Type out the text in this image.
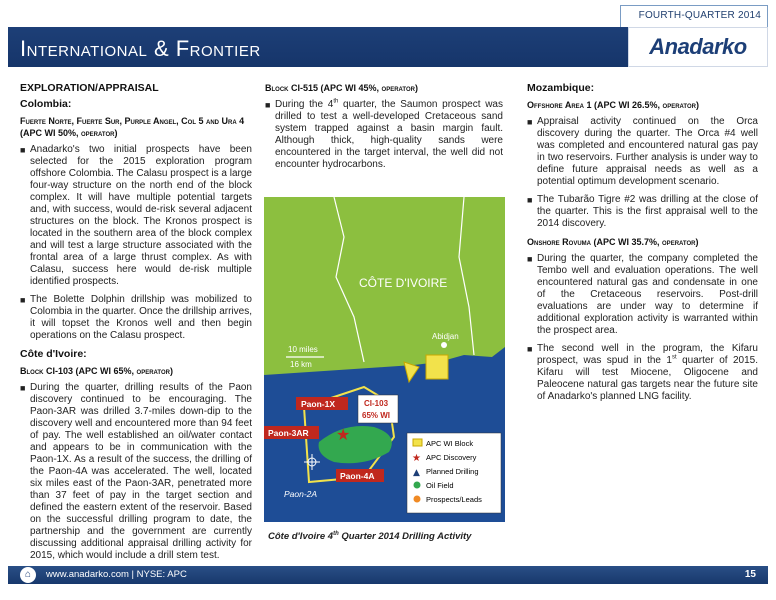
FOURTH-QUARTER 2014
International & Frontier	Anadarko
EXPLORATION/APPRAISAL
Colombia:
Fuerte Norte, Fuerte Sur, Purple Angel, Col 5 and Ura 4 (APC WI 50%, operator)
■ Anadarko's two initial prospects have been selected for the 2015 exploration program offshore Colombia. The Calasu prospect is a large four-way structure on the north end of the block complex. It will have multiple potential targets and, with success, would de-risk several adjacent structures on the block. The Kronos prospect is located in the southern area of the block complex and will test a large structure associated with the frontal area of a large thrust complex. As with Calasu, success here would de-risk multiple identified prospects.
■ The Bolette Dolphin drillship was mobilized to Colombia in the quarter. Once the drillship arrives, it will topset the Kronos well and then begin operations on the Calasu prospect.
Côte d'Ivoire:
Block CI-103 (APC WI 65%, operator)
■ During the quarter, drilling results of the Paon discovery continued to be encouraging. The Paon-3AR was drilled 3.7-miles down-dip to the discovery well and encountered more than 94 feet of pay. The well established an oil/water contact and appears to be in communication with the Paon-1X. As a result of the success, the drilling of the Paon-4A was accelerated. The well, located six miles east of the Paon-3AR, penetrated more than 37 feet of pay in the target section and defined the eastern extent of the reservoir. Based on the successful drilling program to date, the partnership and the government are currently discussing additional appraisal drilling activity for 2015, which would include a drill stem test.
Block CI-515 (APC WI 45%, operator)
■ During the 4th quarter, the Saumon prospect was drilled to test a well-developed Cretaceous sand system trapped against a basin margin fault. Although thick, high-quality sands were encountered in the target interval, the well did not encounter hydrocarbons.
CÔTE D'IVOIRE
Abidjan
10 miles
16 km
CI-103
65% WI
Paon-1X
Paon-3AR ★
Paon-4A
Paon-2A
APC WI Block
★ APC Discovery
▲ Planned Drilling
Oil Field
Prospects/Leads
Côte d'Ivoire 4th Quarter 2014 Drilling Activity
Mozambique:
Offshore Area 1 (APC WI 26.5%, operator)
■ Appraisal activity continued on the Orca discovery during the quarter. The Orca #4 well was completed and encountered natural gas pay in two reservoirs. Further analysis is under way to define future appraisal needs as well as a potential optimum development scenario.
■ The Tubarão Tigre #2 was drilling at the close of the quarter. This is the first appraisal well to the 2014 discovery.
Onshore Rovuma (APC WI 35.7%, operator)
■ During the quarter, the company completed the Tembo well and evaluation operations. The well encountered natural gas and condensate in one of the Cretaceous reservoirs. Post-drill evaluations are under way to determine if additional exploration activity is warranted within the prospect area.
■ The second well in the program, the Kifaru prospect, was spud in the 1st quarter of 2015. Kifaru will test Miocene, Oligocene and Paleocene natural gas targets near the future site of Anadarko's planned LNG facility.
⌂	www.anadarko.com | NYSE: APC	15
